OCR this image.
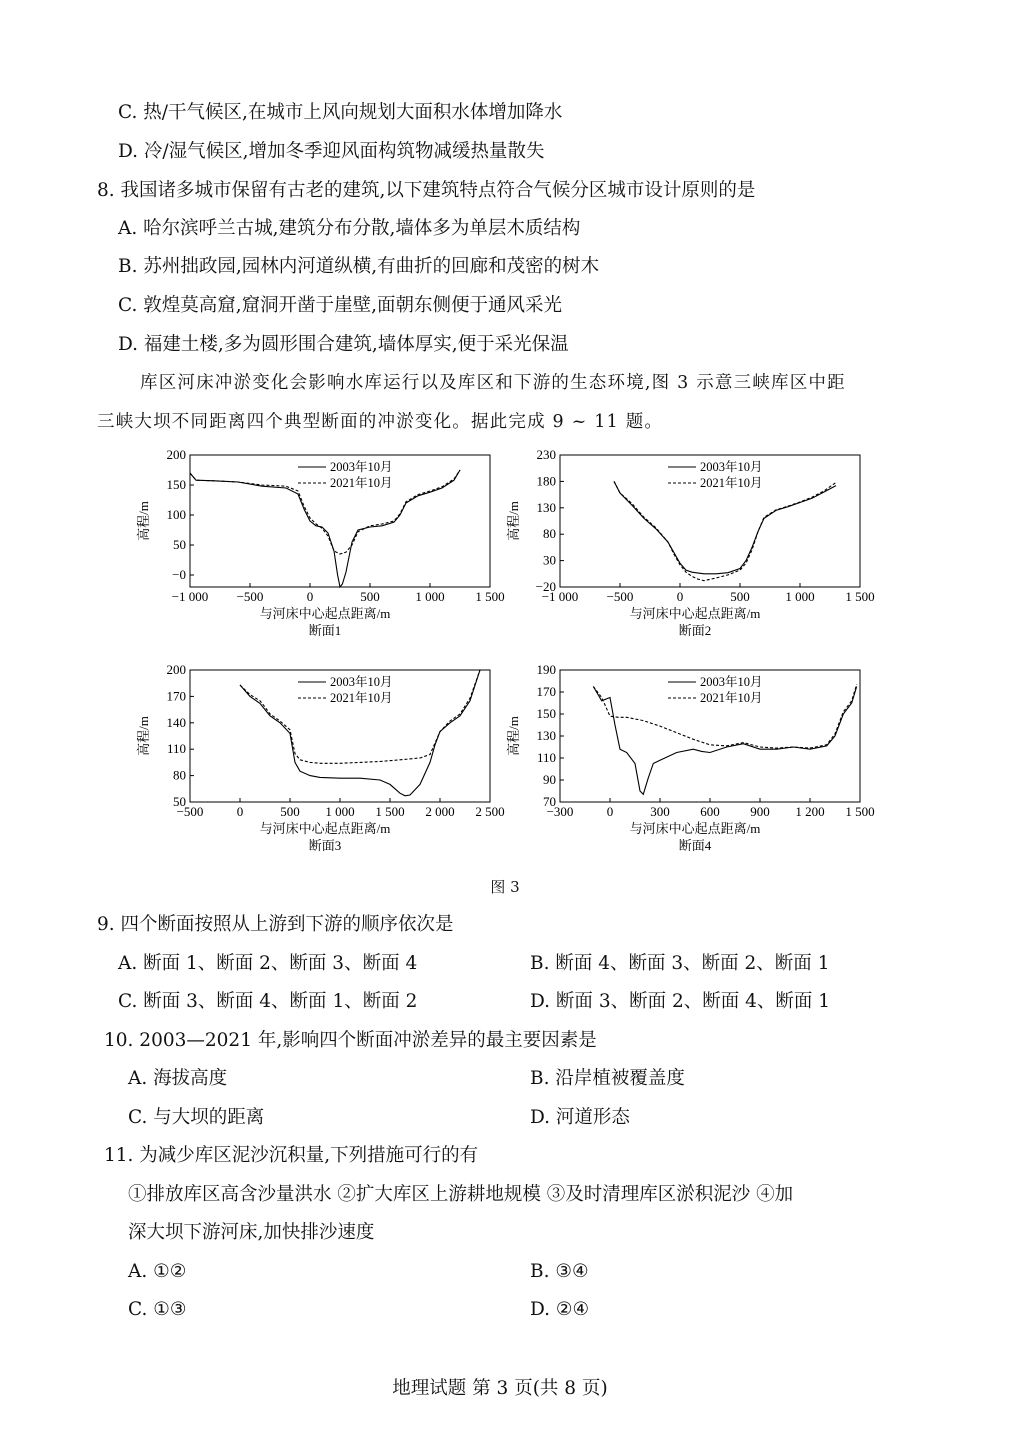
C. 热/干气候区,在城市上风向规划大面积水体增加降水
D. 冷/湿气候区,增加冬季迎风面构筑物减缓热量散失
8. 我国诸多城市保留有古老的建筑,以下建筑特点符合气候分区城市设计原则的是
A. 哈尔滨呼兰古城,建筑分布分散,墙体多为单层木质结构
B. 苏州拙政园,园林内河道纵横,有曲折的回廊和茂密的树木
C. 敦煌莫高窟,窟洞开凿于崖壁,面朝东侧便于通风采光
D. 福建土楼,多为圆形围合建筑,墙体厚实,便于采光保温
库区河床冲淤变化会影响水库运行以及库区和下游的生态环境,图 3 示意三峡库区中距
三峡大坝不同距离四个典型断面的冲淤变化。据此完成 9 ~ 11 题。
−1 000 −500	0	500	1 000 1 500
−0
50
100
150
200
与河床中心起点距离/m
高程/m
断面1
2003年10月
2021年10月
−1 000 −500	0	500	1 000 1 500
−20
30
80
130
180
230
与河床中心起点距离/m
高程/m
断面2
2003年10月
2021年10月
−500	0	500 1 000 1 500 2 000 2 500
50
80
110
140
170
200
与河床中心起点距离/m
高程/m
断面3
2003年10月
2021年10月
−300	0	300 600 900 1 200 1 500
70
90
110
130
150
170
190
与河床中心起点距离/m
高程/m
断面4
2003年10月
2021年10月
图 3
9. 四个断面按照从上游到下游的顺序依次是
A. 断面 1、断面 2、断面 3、断面 4	B. 断面 4、断面 3、断面 2、断面 1
C. 断面 3、断面 4、断面 1、断面 2	D. 断面 3、断面 2、断面 4、断面 1
10. 2003—2021 年,影响四个断面冲淤差异的最主要因素是
A. 海拔高度	B. 沿岸植被覆盖度
C. 与大坝的距离	D. 河道形态
11. 为减少库区泥沙沉积量,下列措施可行的有
①排放库区高含沙量洪水 ②扩大库区上游耕地规模 ③及时清理库区淤积泥沙 ④加
深大坝下游河床,加快排沙速度
A. ①②	B. ③④
C. ①③	D. ②④
地理试题 第 3 页(共 8 页)
